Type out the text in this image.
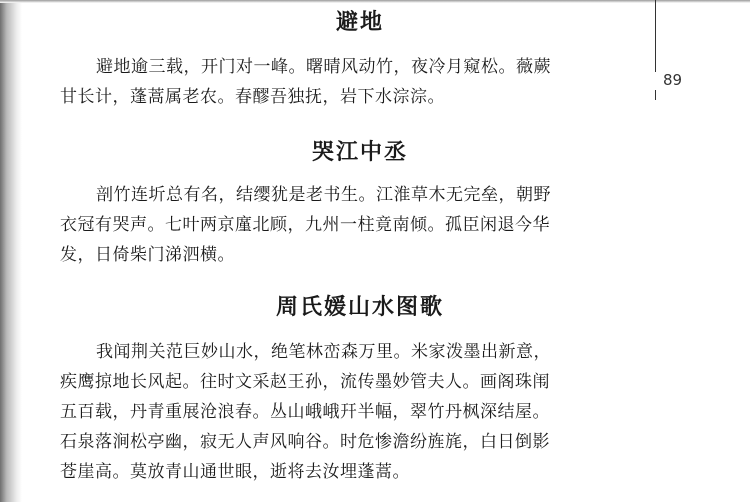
避地
避地逾三载，开门对一峰。曙晴风动竹，夜冷月窥松。薇蕨
甘长计，蓬蒿属老农。春醪吾独抚，岩下水淙淙。
哭江中丞
剖竹连圻总有名，结缨犹是老书生。江淮草木无完垒，朝野
衣冠有哭声。七叶两京廑北顾，九州一柱竟南倾。孤臣闲退今华
发，日倚柴门涕泗横。
周氏媛山水图歌
我闻荆关范巨妙山水，绝笔林峦森万里。米家泼墨出新意，
疾鹰掠地长风起。往时文采赵王孙，流传墨妙管夫人。画阁珠闱
五百载，丹青重展沧浪春。丛山峨峨幵半幅，翠竹丹枫深结屋。
石泉落涧松亭幽，寂无人声风响谷。时危惨澹纷旌旄，白日倒影
苍崖高。莫放青山通世眼，逝将去汝埋蓬蒿。
89
